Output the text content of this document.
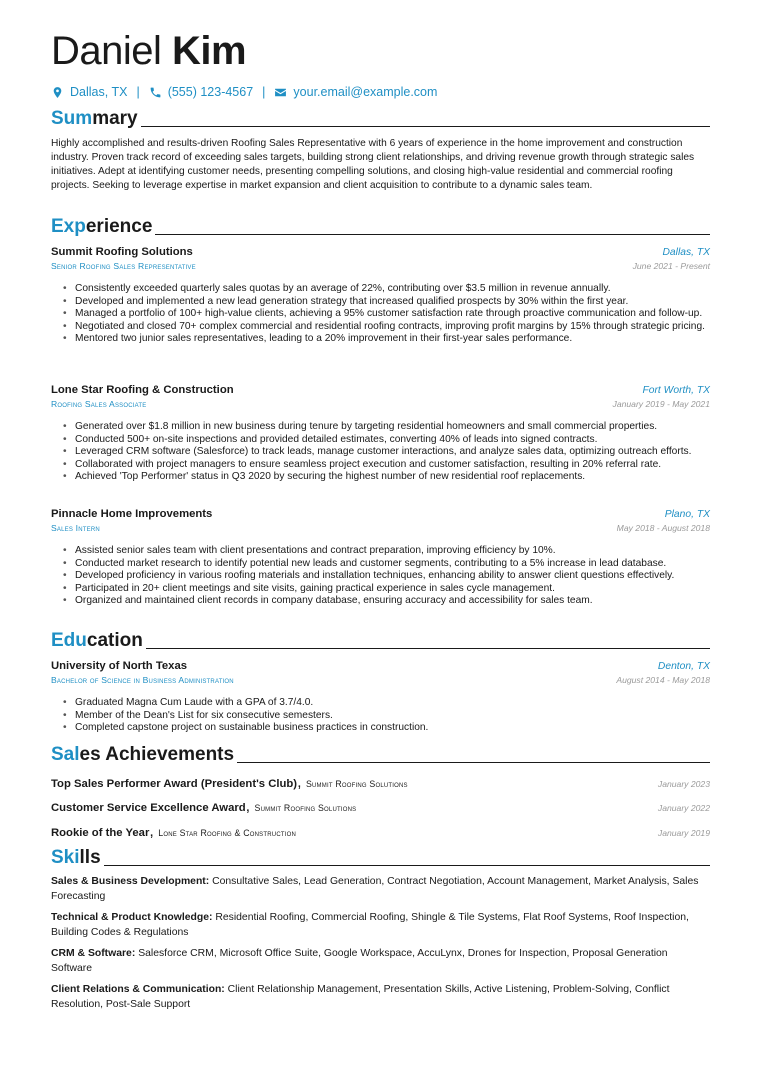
Daniel Kim
Dallas, TX | (555) 123-4567 | your.email@example.com
Summary

Highly accomplished and results-driven Roofing Sales Representative with 6 years of experience in the home improvement and construction industry. Proven track record of exceeding sales targets, building strong client relationships, and driving revenue growth through strategic sales initiatives. Adept at identifying customer needs, presenting compelling solutions, and closing high-value residential and commercial roofing projects. Seeking to leverage expertise in market expansion and client acquisition to contribute to a dynamic sales team.

Experience
Summit Roofing Solutions	Dallas, TX
Senior Roofing Sales Representative	June 2021 - Present
• Consistently exceeded quarterly sales quotas by an average of 22%, contributing over $3.5 million in revenue annually.
• Developed and implemented a new lead generation strategy that increased qualified prospects by 30% within the first year.
• Managed a portfolio of 100+ high-value clients, achieving a 95% customer satisfaction rate through proactive communication and follow-up.
• Negotiated and closed 70+ complex commercial and residential roofing contracts, improving profit margins by 15% through strategic pricing.
• Mentored two junior sales representatives, leading to a 20% improvement in their first-year sales performance.
Lone Star Roofing & Construction	Fort Worth, TX
Roofing Sales Associate	January 2019 - May 2021
• Generated over $1.8 million in new business during tenure by targeting residential homeowners and small commercial properties.
• Conducted 500+ on-site inspections and provided detailed estimates, converting 40% of leads into signed contracts.
• Leveraged CRM software (Salesforce) to track leads, manage customer interactions, and analyze sales data, optimizing outreach efforts.
• Collaborated with project managers to ensure seamless project execution and customer satisfaction, resulting in 20% referral rate.
• Achieved 'Top Performer' status in Q3 2020 by securing the highest number of new residential roof replacements.
Pinnacle Home Improvements	Plano, TX
Sales Intern	May 2018 - August 2018
• Assisted senior sales team with client presentations and contract preparation, improving efficiency by 10%.
• Conducted market research to identify potential new leads and customer segments, contributing to a 5% increase in lead database.
• Developed proficiency in various roofing materials and installation techniques, enhancing ability to answer client questions effectively.
• Participated in 20+ client meetings and site visits, gaining practical experience in sales cycle management.
• Organized and maintained client records in company database, ensuring accuracy and accessibility for sales team.
Education
University of North Texas	Denton, TX
Bachelor of Science in Business Administration	August 2014 - May 2018
• Graduated Magna Cum Laude with a GPA of 3.7/4.0.
• Member of the Dean's List for six consecutive semesters.
• Completed capstone project on sustainable business practices in construction.
Sales Achievements
Top Sales Performer Award (President's Club), Summit Roofing Solutions	January 2023
Customer Service Excellence Award, Summit Roofing Solutions	January 2022
Rookie of the Year, Lone Star Roofing & Construction	January 2019
Skills

Sales & Business Development: Consultative Sales, Lead Generation, Contract Negotiation, Account Management, Market Analysis, Sales Forecasting

Technical & Product Knowledge: Residential Roofing, Commercial Roofing, Shingle & Tile Systems, Flat Roof Systems, Roof Inspection, Building Codes & Regulations

CRM & Software: Salesforce CRM, Microsoft Office Suite, Google Workspace, AccuLynx, Drones for Inspection, Proposal Generation Software

Client Relations & Communication: Client Relationship Management, Presentation Skills, Active Listening, Problem-Solving, Conflict Resolution, Post-Sale Support
